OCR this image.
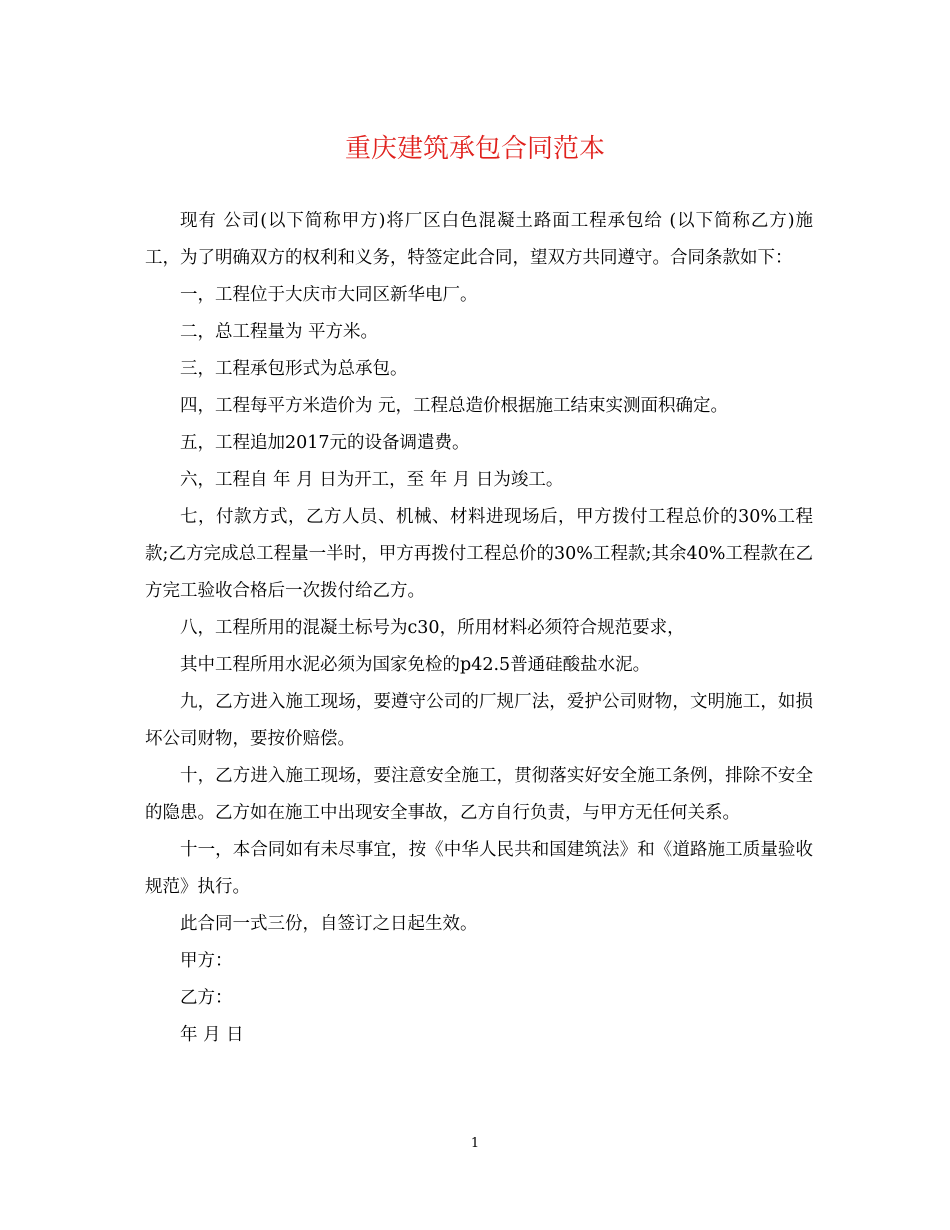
重庆建筑承包合同范本

现有 公司(以下简称甲方)将厂区白色混凝土路面工程承包给 (以下简称乙方)施工，为了明确双方的权利和义务，特签定此合同，望双方共同遵守。合同条款如下：

一，工程位于大庆市大同区新华电厂。

二，总工程量为 平方米。

三，工程承包形式为总承包。

四，工程每平方米造价为 元，工程总造价根据施工结束实测面积确定。

五，工程追加2017元的设备调遣费。

六，工程自 年 月 日为开工，至 年 月 日为竣工。

七，付款方式，乙方人员、机械、材料进现场后，甲方拨付工程总价的30%工程款;乙方完成总工程量一半时，甲方再拨付工程总价的30%工程款;其余40%工程款在乙方完工验收合格后一次拨付给乙方。

八，工程所用的混凝土标号为c30，所用材料必须符合规范要求，

其中工程所用水泥必须为国家免检的p42.5普通硅酸盐水泥。

九，乙方进入施工现场，要遵守公司的厂规厂法，爱护公司财物，文明施工，如损坏公司财物，要按价赔偿。

十，乙方进入施工现场，要注意安全施工，贯彻落实好安全施工条例，排除不安全的隐患。乙方如在施工中出现安全事故，乙方自行负责，与甲方无任何关系。

十一，本合同如有未尽事宜，按《中华人民共和国建筑法》和《道路施工质量验收规范》执行。

此合同一式三份，自签订之日起生效。

甲方：

乙方：

年 月 日

1
